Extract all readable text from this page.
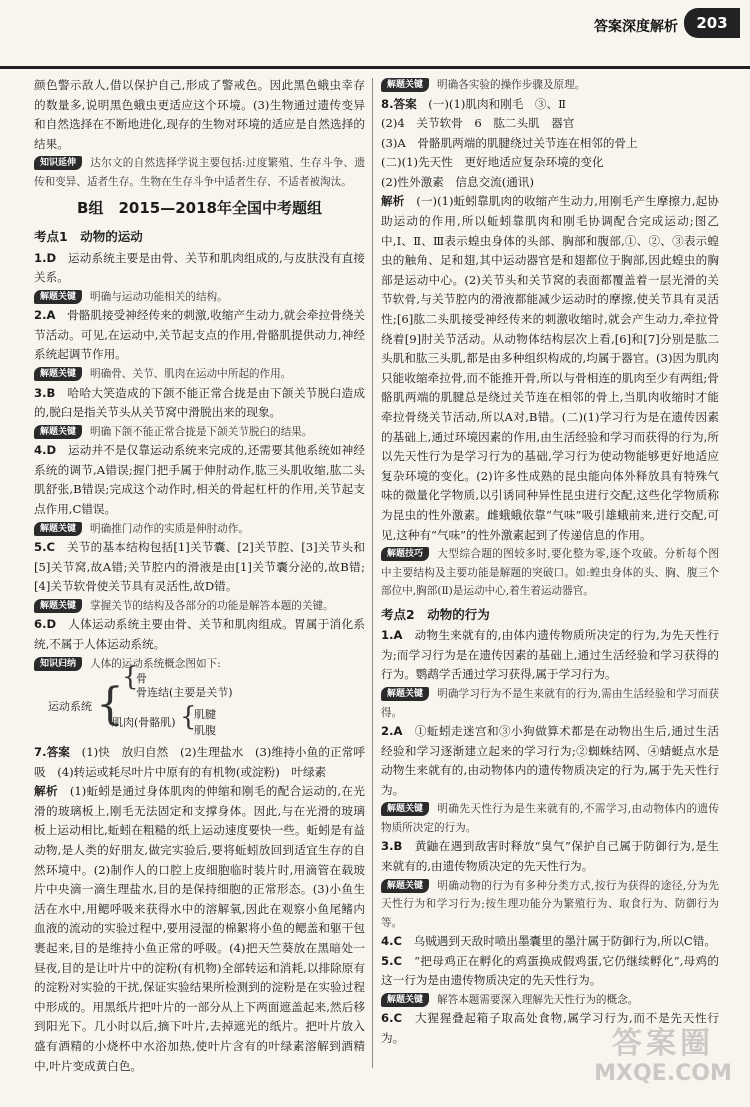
答案深度解析	203

颜色警示敌人,借以保护自己,形成了警戒色。因此黑色蛾虫幸存的数量多,说明黑色蛾虫更适应这个环境。(3)生物通过遗传变异和自然选择在不断地进化,现存的生物对环境的适应是自然选择的结果。

知识延伸 达尔文的自然选择学说主要包括:过度繁殖、生存斗争、遗传和变异、适者生存。生物在生存斗争中适者生存、不适者被淘汰。

B组　2015—2018年全国中考题组
考点1　动物的运动

1.D　 运动系统主要是由骨、关节和肌肉组成的,与皮肤没有直接关系。

解题关键 明确与运动功能相关的结构。

2.A　 骨骼肌接受神经传来的刺激,收缩产生动力,就会牵拉骨绕关节活动。可见,在运动中,关节起支点的作用,骨骼肌提供动力,神经系统起调节作用。

解题关键 明确骨、关节、肌肉在运动中所起的作用。

3.B　 哈哈大笑造成的下颌不能正常合拢是由下颌关节脱臼造成的,脱臼是指关节头从关节窝中滑脱出来的现象。

解题关键 明确下颌不能正常合拢是下颌关节脱臼的结果。

4.D　 运动并不是仅靠运动系统来完成的,还需要其他系统如神经系统的调节,A错误;握门把手属于伸肘动作,肱三头肌收缩,肱二头肌舒张,B错误;完成这个动作时,相关的骨起杠杆的作用,关节起支点作用,C错误。

解题关键 明确推门动作的实质是伸肘动作。

5.C　 关节的基本结构包括[1]关节囊、[2]关节腔、[3]关节头和[5]关节窝,故A错;关节腔内的滑液是由[1]关节囊分泌的,故B错;[4]关节软骨使关节具有灵活性,故D错。

解题关键 掌握关节的结构及各部分的功能是解答本题的关键。

6.D　 人体运动系统主要由骨、关节和肌肉组成。胃属于消化系统,不属于人体运动系统。

知识归纳 人体的运动系统概念图如下:

运动系统 {
{
骨
骨连结(主要是关节)
肌肉(骨骼肌) {
肌腱
肌腹

7.答案　 (1)快　放归自然　(2)生理盐水　(3)维持小鱼的正常呼吸　(4)转运或耗尽叶片中原有的有机物(或淀粉)　叶绿素

解析　 (1)蚯蚓是通过身体肌肉的伸缩和刚毛的配合运动的,在光滑的玻璃板上,刚毛无法固定和支撑身体。因此,与在光滑的玻璃板上运动相比,蚯蚓在粗糙的纸上运动速度要快一些。蚯蚓是有益动物,是人类的好朋友,做完实验后,要将蚯蚓放回到适宜生存的自然环境中。(2)制作人的口腔上皮细胞临时装片时,用滴管在载玻片中央滴一滴生理盐水,目的是保持细胞的正常形态。(3)小鱼生活在水中,用鳃呼吸来获得水中的溶解氧,因此在观察小鱼尾鳍内血液的流动的实验过程中,要用浸湿的棉絮将小鱼的鳃盖和躯干包裹起来,目的是维持小鱼正常的呼吸。(4)把天竺葵放在黑暗处一昼夜,目的是让叶片中的淀粉(有机物)全部转运和消耗,以排除原有的淀粉对实验的干扰,保证实验结果所检测到的淀粉是在实验过程中形成的。用黑纸片把叶片的一部分从上下两面遮盖起来,然后移到阳光下。几小时以后,摘下叶片,去掉遮光的纸片。把叶片放入盛有酒精的小烧杯中水浴加热,使叶片含有的叶绿素溶解到酒精中,叶片变成黄白色。

解题关键 明确各实验的操作步骤及原理。

8.答案　 (一)(1)肌肉和刚毛　③、Ⅱ

(2)4　关节软骨　6　肱二头肌　器官

(3)A　骨骼肌两端的肌腱绕过关节连在相邻的骨上

(二)(1)先天性　更好地适应复杂环境的变化

(2)性外激素　信息交流(通讯)

解析　 (一)(1)蚯蚓靠肌肉的收缩产生动力,用刚毛产生摩擦力,起协助运动的作用,所以蚯蚓靠肌肉和刚毛协调配合完成运动;图乙中,Ⅰ、Ⅱ、Ⅲ表示蝗虫身体的头部、胸部和腹部,①、②、③表示蝗虫的触角、足和翅,其中运动器官是和翅都位于胸部,因此蝗虫的胸部是运动中心。(2)关节头和关节窝的表面都覆盖着一层光滑的关节软骨,与关节腔内的滑液都能减少运动时的摩擦,使关节具有灵活性;[6]肱二头肌接受神经传来的刺激收缩时,就会产生动力,牵拉骨绕着[9]肘关节活动。从动物体结构层次上看,[6]和[7]分别是肱二头肌和肱三头肌,都是由多种组织构成的,均属于器官。(3)因为肌肉只能收缩牵拉骨,而不能推开骨,所以与骨相连的肌肉至少有两组;骨骼肌两端的肌腱总是绕过关节连在相邻的骨上,当肌肉收缩时才能牵拉骨绕关节活动,所以A对,B错。(二)(1)学习行为是在遗传因素的基础上,通过环境因素的作用,由生活经验和学习而获得的行为,所以先天性行为是学习行为的基础,学习行为使动物能够更好地适应复杂环境的变化。(2)许多性成熟的昆虫能向体外释放具有特殊气味的微量化学物质,以引诱同种异性昆虫进行交配,这些化学物质称为昆虫的性外激素。雌蛾蛾依靠“气味”吸引雄蛾前来,进行交配,可见,这种有“气味”的性外激素起到了传递信息的作用。

解题技巧 大型综合题的图较多时,要化整为零,逐个攻破。分析每个图中主要结构及主要功能是解题的突破口。如:蝗虫身体的头、胸、腹三个部位中,胸部(Ⅱ)是运动中心,着生着运动器官。

考点2　动物的行为

1.A　 动物生来就有的,由体内遗传物质所决定的行为,为先天性行为;而学习行为是在遗传因素的基础上,通过生活经验和学习获得的行为。鹦鹉学舌通过学习获得,属于学习行为。

解题关键 明确学习行为不是生来就有的行为,需由生活经验和学习而获得。

2.A　 ①蚯蚓走迷宫和③小狗做算术都是在动物出生后,通过生活经验和学习逐渐建立起来的学习行为;②蜘蛛结网、④蜻蜓点水是动物生来就有的,由动物体内的遗传物质决定的行为,属于先天性行为。

解题关键 明确先天性行为是生来就有的,不需学习,由动物体内的遗传物质所决定的行为。

3.B　 黄鼬在遇到敌害时释放“臭气”保护自己属于防御行为,是生来就有的,由遗传物质决定的先天性行为。

解题关键 明确动物的行为有多种分类方式,按行为获得的途径,分为先天性行为和学习行为;按生理功能分为繁殖行为、取食行为、防御行为等。

4.C　 乌贼遇到天敌时喷出墨囊里的墨汁属于防御行为,所以C错。

5.C　 “把母鸡正在孵化的鸡蛋换成假鸡蛋,它仍继续孵化”,母鸡的这一行为是由遗传物质决定的先天性行为。

解题关键 解答本题需要深入理解先天性行为的概念。

6.C　 大猩猩叠起箱子取高处食物,属学习行为,而不是先天性行为。	答案圈
MXQE.COM
